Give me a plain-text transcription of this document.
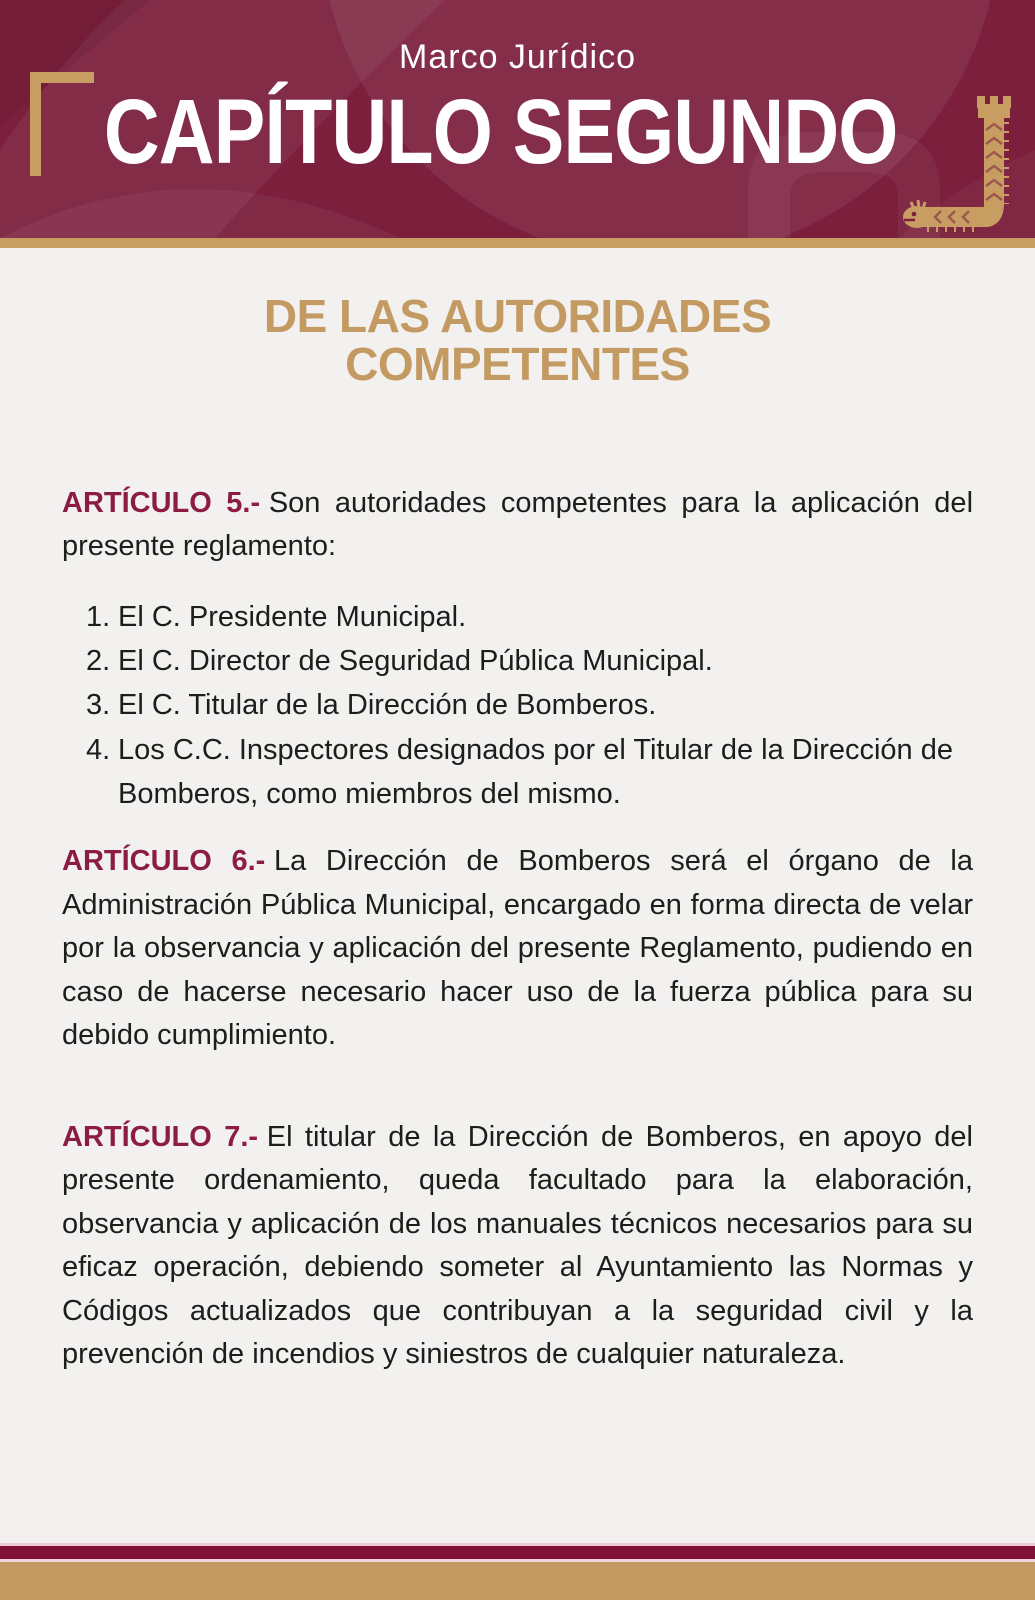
Marco Jurídico
CAPÍTULO SEGUNDO
DE LAS AUTORIDADES COMPETENTES

ARTÍCULO 5.- Son autoridades competentes para la aplicación del presente reglamento:

1. El C. Presidente Municipal.
2. El C. Director de Seguridad Pública Municipal.
3. El C. Titular de la Dirección de Bomberos.
4. Los C.C. Inspectores designados por el Titular de la Dirección de Bomberos, como miembros del mismo.

ARTÍCULO 6.- La Dirección de Bomberos será el órgano de la Administración Pública Municipal, encargado en forma directa de velar por la observancia y aplicación del presente Reglamento, pudiendo en caso de hacerse necesario hacer uso de la fuerza pública para su debido cumplimiento.

ARTÍCULO 7.- El titular de la Dirección de Bomberos, en apoyo del presente ordenamiento, queda facultado para la elaboración, observancia y aplicación de los manuales técnicos necesarios para su eficaz operación, debiendo someter al Ayuntamiento las Normas y Códigos actualizados que contribuyan a la seguridad civil y la prevención de incendios y siniestros de cualquier naturaleza.
